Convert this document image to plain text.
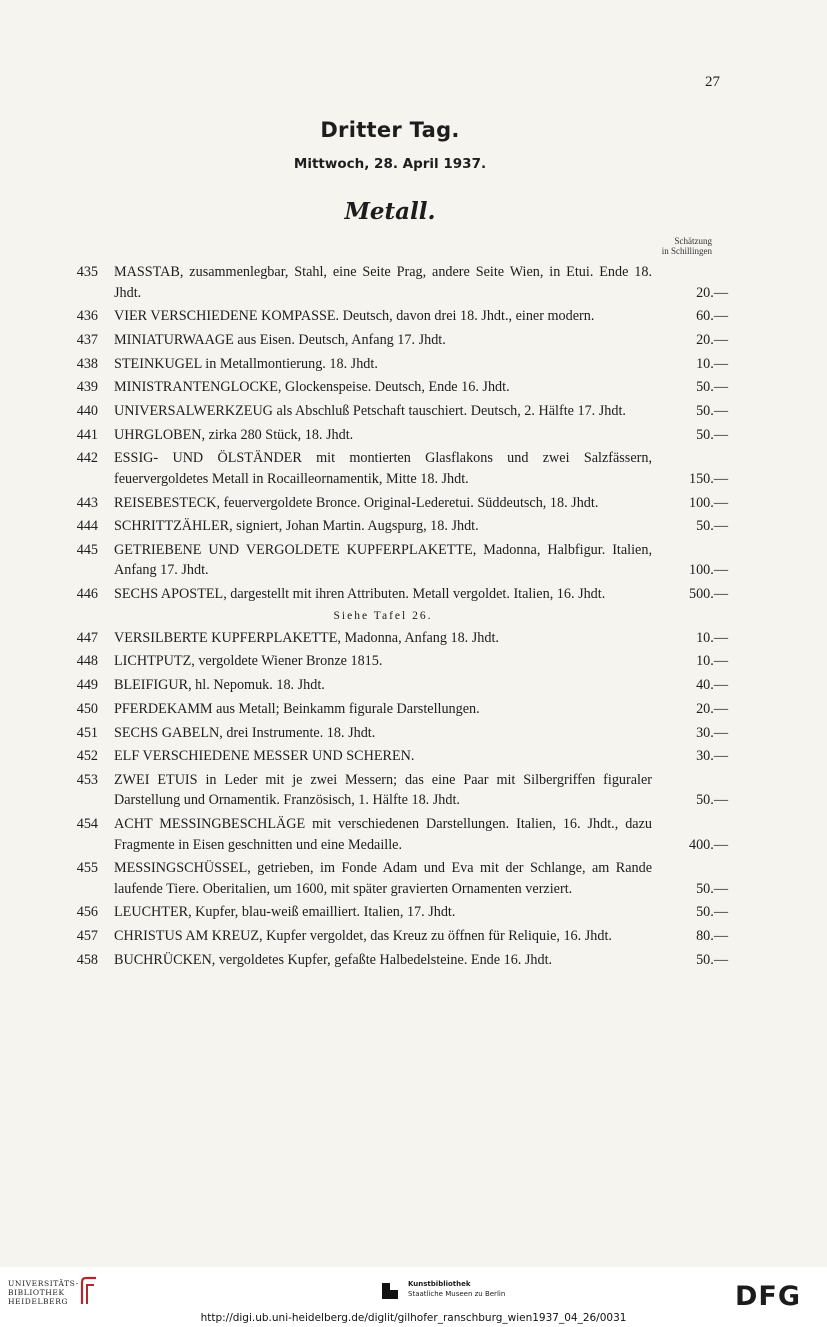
27
Dritter Tag.
Mittwoch, 28. April 1937.
Metall.
Schätzung
in Schillingen
435 MASSTAB, zusammenlegbar, Stahl, eine Seite Prag, andere Seite Wien, in Etui. Ende 18. Jhdt.	20.—
436 VIER VERSCHIEDENE KOMPASSE. Deutsch, davon drei 18. Jhdt., einer modern.	60.—
437 MINIATURWAAGE aus Eisen. Deutsch, Anfang 17. Jhdt.	20.—
438 STEINKUGEL in Metallmontierung. 18. Jhdt.	10.—
439 MINISTRANTENGLOCKE, Glockenspeise. Deutsch, Ende 16. Jhdt.	50.—
440 UNIVERSALWERKZEUG als Abschluß Petschaft tauschiert. Deutsch, 2. Hälfte 17. Jhdt.	50.—
441 UHRGLOBEN, zirka 280 Stück, 18. Jhdt.	50.—
442 ESSIG- UND ÖLSTÄNDER mit montierten Glasflakons und zwei Salzfässern, feuervergoldetes Metall in Rocailleornamentik, Mitte 18. Jhdt.	150.—
443 REISEBESTECK, feuervergoldete Bronce. Original-Lederetui. Süddeutsch, 18. Jhdt.	100.—
444 SCHRITTZÄHLER, signiert, Johan Martin. Augspurg, 18. Jhdt.	50.—
445 GETRIEBENE UND VERGOLDETE KUPFERPLAKETTE, Madonna, Halbfigur. Italien, Anfang 17. Jhdt.	100.—
446 SECHS APOSTEL, dargestellt mit ihren Attributen. Metall vergoldet. Italien, 16. Jhdt.	500.—
Siehe Tafel 26.
447 VERSILBERTE KUPFERPLAKETTE, Madonna, Anfang 18. Jhdt.	10.—
448 LICHTPUTZ, vergoldete Wiener Bronze 1815.	10.—
449 BLEIFIGUR, hl. Nepomuk. 18. Jhdt.	40.—
450 PFERDEKAMM aus Metall; Beinkamm figurale Darstellungen.	20.—
451 SECHS GABELN, drei Instrumente. 18. Jhdt.	30.—
452 ELF VERSCHIEDENE MESSER UND SCHEREN.	30.—
453 ZWEI ETUIS in Leder mit je zwei Messern; das eine Paar mit Silbergriffen figuraler Darstellung und Ornamentik. Französisch, 1. Hälfte 18. Jhdt.	50.—
454 ACHT MESSINGBESCHLÄGE mit verschiedenen Darstellungen. Italien, 16. Jhdt., dazu Fragmente in Eisen geschnitten und eine Medaille.	400.—
455 MESSINGSCHÜSSEL, getrieben, im Fonde Adam und Eva mit der Schlange, am Rande laufende Tiere. Oberitalien, um 1600, mit später gravierten Ornamenten verziert.	50.—
456 LEUCHTER, Kupfer, blau-weiß emailliert. Italien, 17. Jhdt.	50.—
457 CHRISTUS AM KREUZ, Kupfer vergoldet, das Kreuz zu öffnen für Reliquie, 16. Jhdt.	80.—
458 BUCHRÜCKEN, vergoldetes Kupfer, gefaßte Halbedelsteine. Ende 16. Jhdt.	50.—
UNIVERSITÄTS-
BIBLIOTHEK
HEIDELBERG
Kunstbibliothek
Staatliche Museen zu Berlin	DFG
http://digi.ub.uni-heidelberg.de/diglit/gilhofer_ranschburg_wien1937_04_26/0031
